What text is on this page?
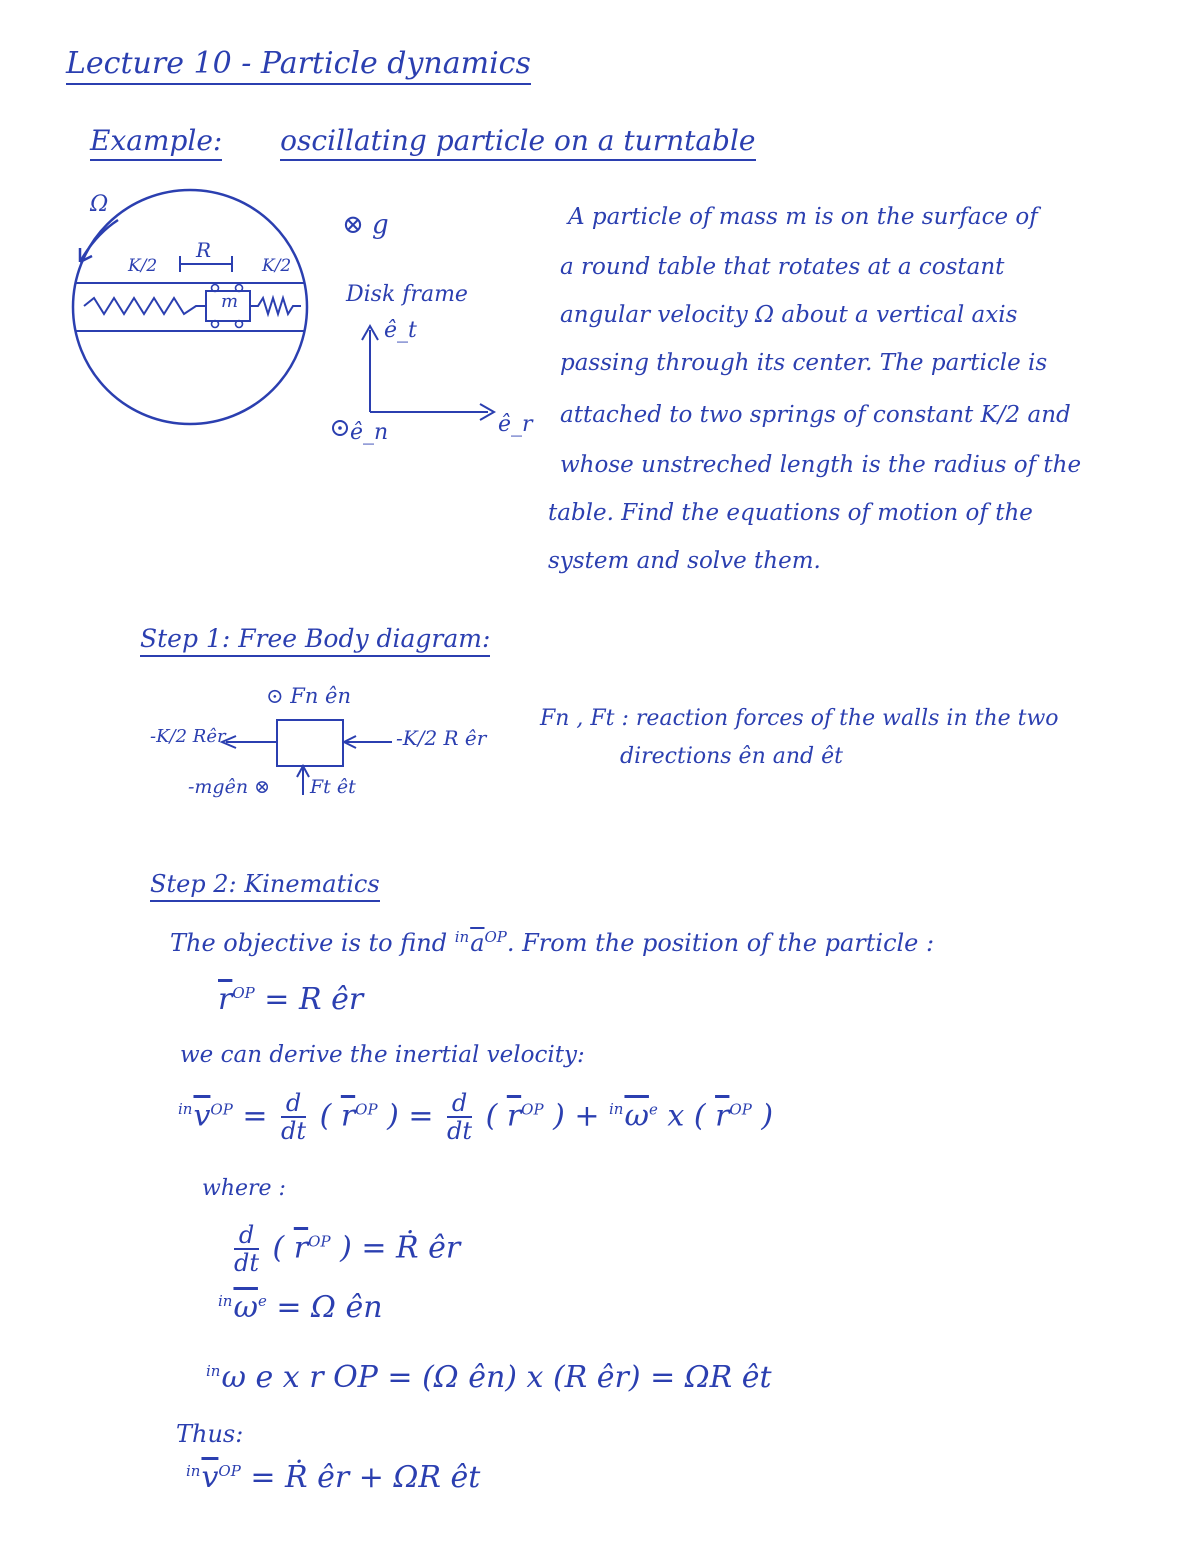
Lecture 10 - Particle dynamics
Example: oscillating particle on a turntable
Ω
K/2
R
K/2
m
⊗ g
Disk frame
ê_t
ê_r
ê_n
A particle of mass m is on the surface of
a round table that rotates at a costant
angular velocity Ω about a vertical axis
passing through its center. The particle is
attached to two springs of constant K/2 and
whose unstreched length is the radius of the
table. Find the equations of motion of the
system and solve them.
Step 1: Free Body diagram:
⊙ Fn ên
-K/2 Rêr	-K/2 R êr
-mgên ⊗ Ft êt
Fn , Ft : reaction forces of the walls in the two
directions ên and êt
Step 2: Kinematics
The objective is to find $^{in}\overline{a}^{OP}$. From the position of the particle :
$\overline{r}^{OP} = R$ êr
we can derive the inertial velocity:
$^{in}\overline{v}^{OP} = \frac{d}{dt}$ ( $\overline{r}^{OP}$ ) = $\frac{d}{dt}$ ( $\overline{r}^{OP}$ ) + $^{in}\overline{\omega}^e$ x ( $\overline{r}^{OP}$ )
where :
$\frac{d}{dt}$ ( $\overline{r}^{OP}$ ) = Ṙ êr
$^{in}\overline{\omega}^e = \Omega$ ên
$^{in}$ω e x r OP = (Ω ên) x (R êr) = ΩR êt
Thus:
$^{in}\overline{v}^{OP}$ = Ṙ êr + ΩR êt
